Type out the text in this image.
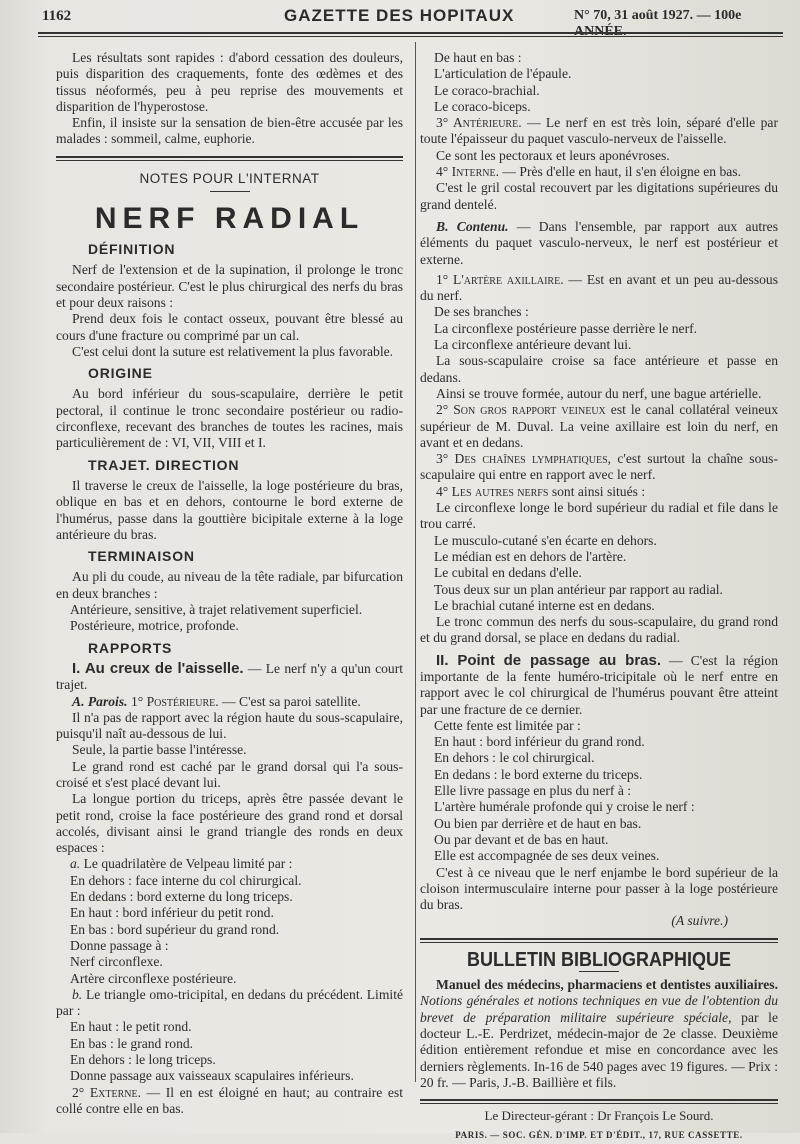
1162	GAZETTE DES HOPITAUX	N° 70, 31 août 1927. — 100e ANNÉE.

Les résultats sont rapides : d'abord cessation des douleurs, puis disparition des craquements, fonte des œdèmes et des tissus néoformés, peu à peu reprise des mouvements et disparition de l'hyperostose.

Enfin, il insiste sur la sensation de bien-être accusée par les malades : sommeil, calme, euphorie.

NOTES POUR L'INTERNAT
NERF RADIAL
DÉFINITION

Nerf de l'extension et de la supination, il prolonge le tronc secondaire postérieur. C'est le plus chirurgical des nerfs du bras et pour deux raisons :

Prend deux fois le contact osseux, pouvant être blessé au cours d'une fracture ou comprimé par un cal.

C'est celui dont la suture est relativement la plus favorable.

ORIGINE

Au bord inférieur du sous-scapulaire, derrière le petit pectoral, il continue le tronc secondaire postérieur ou radio-circonflexe, recevant des branches de toutes les racines, mais particulièrement de : VI, VII, VIII et I.

TRAJET. DIRECTION

Il traverse le creux de l'aisselle, la loge postérieure du bras, oblique en bas et en dehors, contourne le bord externe de l'humérus, passe dans la gouttière bicipitale externe à la loge antérieure du bras.

TERMINAISON

Au pli du coude, au niveau de la tête radiale, par bifurcation en deux branches :

Antérieure, sensitive, à trajet relativement superficiel.

Postérieure, motrice, profonde.

RAPPORTS

I. Au creux de l'aisselle. — Le nerf n'y a qu'un court trajet.

A. Parois. 1° Postérieure. — C'est sa paroi satellite.

Il n'a pas de rapport avec la région haute du sous-scapulaire, puisqu'il naît au-dessous de lui.

Seule, la partie basse l'intéresse.

Le grand rond est caché par le grand dorsal qui l'a sous-croisé et s'est placé devant lui.

La longue portion du triceps, après être passée devant le petit rond, croise la face postérieure des grand rond et dorsal accolés, divisant ainsi le grand triangle des ronds en deux espaces :

a. Le quadrilatère de Velpeau limité par :

En dehors : face interne du col chirurgical.

En dedans : bord externe du long triceps.

En haut : bord inférieur du petit rond.

En bas : bord supérieur du grand rond.

Donne passage à :

Nerf circonflexe.

Artère circonflexe postérieure.

b. Le triangle omo-tricipital, en dedans du précédent. Limité par :

En haut : le petit rond.

En bas : le grand rond.

En dehors : le long triceps.

Donne passage aux vaisseaux scapulaires inférieurs.

2° Externe. — Il en est éloigné en haut; au contraire est collé contre elle en bas.

De haut en bas :

L'articulation de l'épaule.

Le coraco-brachial.

Le coraco-biceps.

3° Antérieure. — Le nerf en est très loin, séparé d'elle par toute l'épaisseur du paquet vasculo-nerveux de l'aisselle.

Ce sont les pectoraux et leurs aponévroses.

4° Interne. — Près d'elle en haut, il s'en éloigne en bas.

C'est le gril costal recouvert par les digitations supérieures du grand dentelé.

B. Contenu. — Dans l'ensemble, par rapport aux autres éléments du paquet vasculo-nerveux, le nerf est postérieur et externe.

1° L'artère axillaire. — Est en avant et un peu au-dessous du nerf.

De ses branches :

La circonflexe postérieure passe derrière le nerf.

La circonflexe antérieure devant lui.

La sous-scapulaire croise sa face antérieure et passe en dedans.

Ainsi se trouve formée, autour du nerf, une bague artérielle.

2° Son gros rapport veineux est le canal collatéral veineux supérieur de M. Duval. La veine axillaire est loin du nerf, en avant et en dedans.

3° Des chaînes lymphatiques, c'est surtout la chaîne sous-scapulaire qui entre en rapport avec le nerf.

4° Les autres nerfs sont ainsi situés :

Le circonflexe longe le bord supérieur du radial et file dans le trou carré.

Le musculo-cutané s'en écarte en dehors.

Le médian est en dehors de l'artère.

Le cubital en dedans d'elle.

Tous deux sur un plan antérieur par rapport au radial.

Le brachial cutané interne est en dedans.

Le tronc commun des nerfs du sous-scapulaire, du grand rond et du grand dorsal, se place en dedans du radial.

II. Point de passage au bras. — C'est la région importante de la fente huméro-tricipitale où le nerf entre en rapport avec le col chirurgical de l'humérus pouvant être atteint par une fracture de ce dernier.

Cette fente est limitée par :

En haut : bord inférieur du grand rond.

En dehors : le col chirurgical.

En dedans : le bord externe du triceps.

Elle livre passage en plus du nerf à :

L'artère humérale profonde qui y croise le nerf :

Ou bien par derrière et de haut en bas.

Ou par devant et de bas en haut.

Elle est accompagnée de ses deux veines.

C'est à ce niveau que le nerf enjambe le bord supérieur de la cloison intermusculaire interne pour passer à la loge postérieure du bras.

(A suivre.)

BULLETIN BIBLIOGRAPHIQUE

Manuel des médecins, pharmaciens et dentistes auxiliaires. Notions générales et notions techniques en vue de l'obtention du brevet de préparation militaire supérieure spéciale, par le docteur L.-E. Perdrizet, médecin-major de 2e classe. Deuxième édition entièrement refondue et mise en concordance avec les derniers règlements. In-16 de 540 pages avec 19 figures. — Prix : 20 fr. — Paris, J.-B. Baillière et fils.

Le Directeur-gérant : Dr François Le Sourd.
PARIS. — SOC. GÉN. D'IMP. ET D'ÉDIT., 17, RUE CASSETTE.
